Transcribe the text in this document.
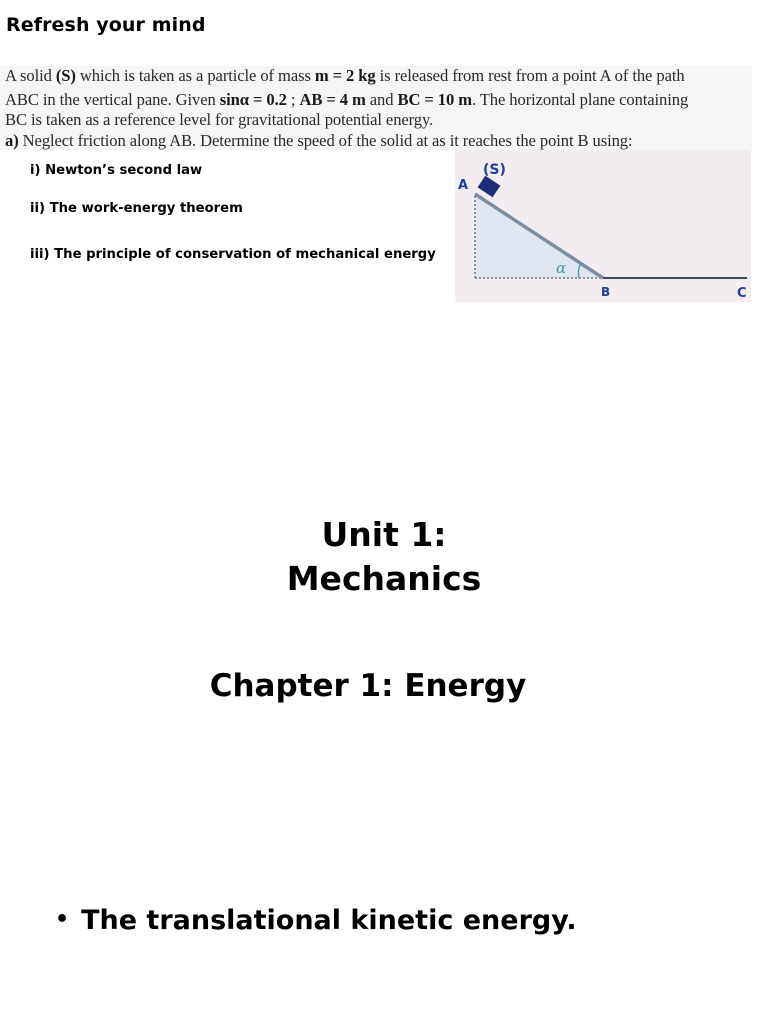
Refresh your mind
A solid (S) which is taken as a particle of mass m = 2 kg is released from rest from a point A of the path
ABC in the vertical pane. Given sinα = 0.2 ; AB = 4 m and BC = 10 m. The horizontal plane containing
BC is taken as a reference level for gravitational potential energy.
a) Neglect friction along AB. Determine the speed of the solid at as it reaches the point B using:
i) Newton’s second law
ii) The work-energy theorem
iii) The principle of conservation of mechanical energy
(S)
A
α
B	C
Unit 1:
Mechanics
Chapter 1: Energy
• The translational kinetic energy.
